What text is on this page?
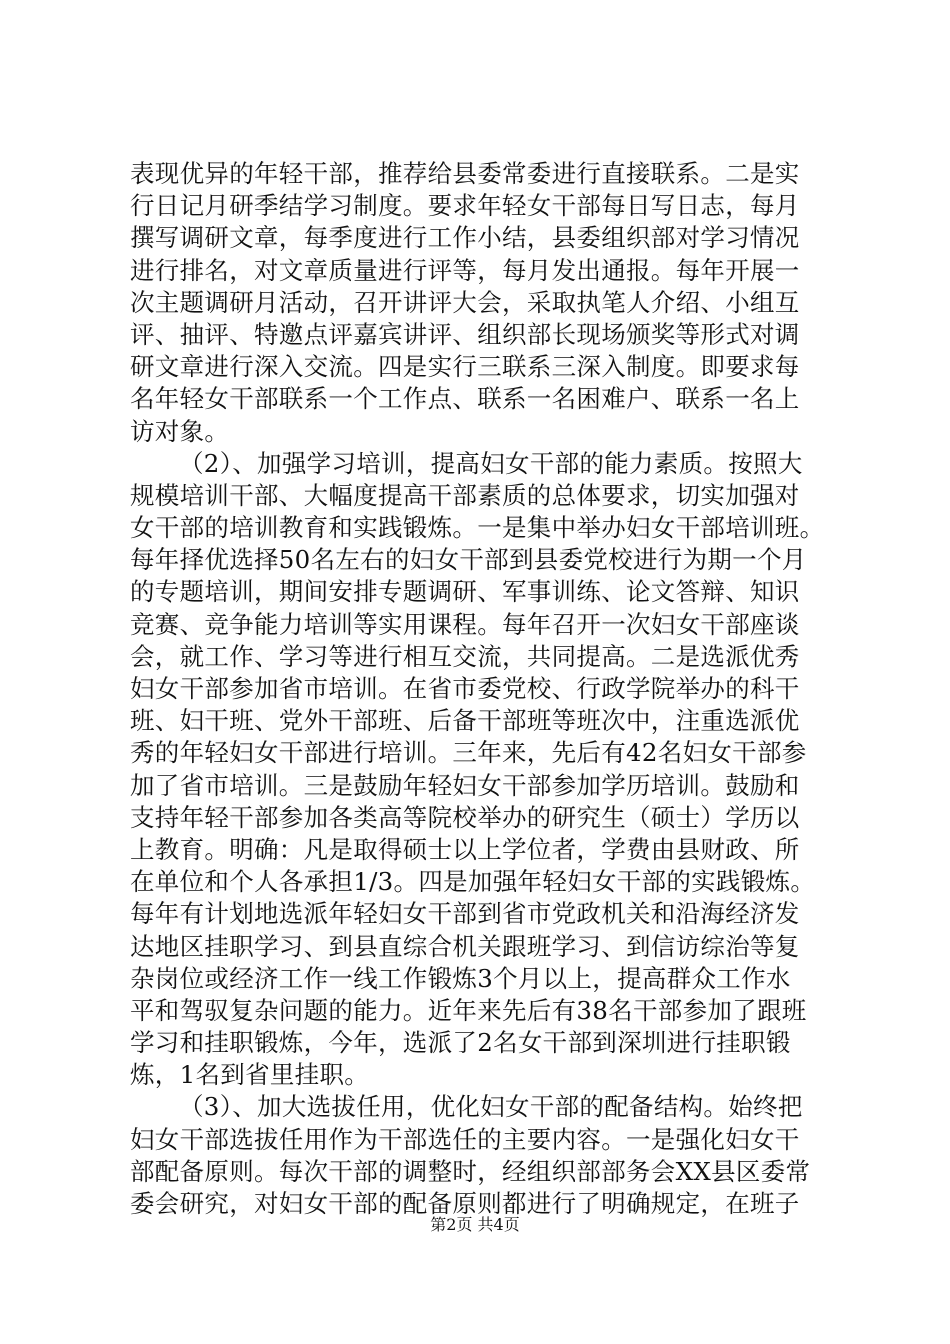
表现优异的年轻干部，推荐给县委常委进行直接联系。二是实
行日记月研季结学习制度。要求年轻女干部每日写日志，每月
撰写调研文章，每季度进行工作小结，县委组织部对学习情况
进行排名，对文章质量进行评等，每月发出通报。每年开展一
次主题调研月活动，召开讲评大会，采取执笔人介绍、小组互
评、抽评、特邀点评嘉宾讲评、组织部长现场颁奖等形式对调
研文章进行深入交流。四是实行三联系三深入制度。即要求每
名年轻女干部联系一个工作点、联系一名困难户、联系一名上
访对象。
（2）、加强学习培训，提高妇女干部的能力素质。按照大
规模培训干部、大幅度提高干部素质的总体要求，切实加强对
女干部的培训教育和实践锻炼。一是集中举办妇女干部培训班。
每年择优选择50名左右的妇女干部到县委党校进行为期一个月
的专题培训，期间安排专题调研、军事训练、论文答辩、知识
竞赛、竞争能力培训等实用课程。每年召开一次妇女干部座谈
会，就工作、学习等进行相互交流，共同提高。二是选派优秀
妇女干部参加省市培训。在省市委党校、行政学院举办的科干
班、妇干班、党外干部班、后备干部班等班次中，注重选派优
秀的年轻妇女干部进行培训。三年来，先后有42名妇女干部参
加了省市培训。三是鼓励年轻妇女干部参加学历培训。鼓励和
支持年轻干部参加各类高等院校举办的研究生（硕士）学历以
上教育。明确：凡是取得硕士以上学位者，学费由县财政、所
在单位和个人各承担1/3。四是加强年轻妇女干部的实践锻炼。
每年有计划地选派年轻妇女干部到省市党政机关和沿海经济发
达地区挂职学习、到县直综合机关跟班学习、到信访综治等复
杂岗位或经济工作一线工作锻炼3个月以上，提高群众工作水
平和驾驭复杂问题的能力。近年来先后有38名干部参加了跟班
学习和挂职锻炼，今年，选派了2名女干部到深圳进行挂职锻
炼，1名到省里挂职。
（3）、加大选拔任用，优化妇女干部的配备结构。始终把
妇女干部选拔任用作为干部选任的主要内容。一是强化妇女干
部配备原则。每次干部的调整时，经组织部部务会XX县区委常
委会研究，对妇女干部的配备原则都进行了明确规定，在班子
第2页 共4页
